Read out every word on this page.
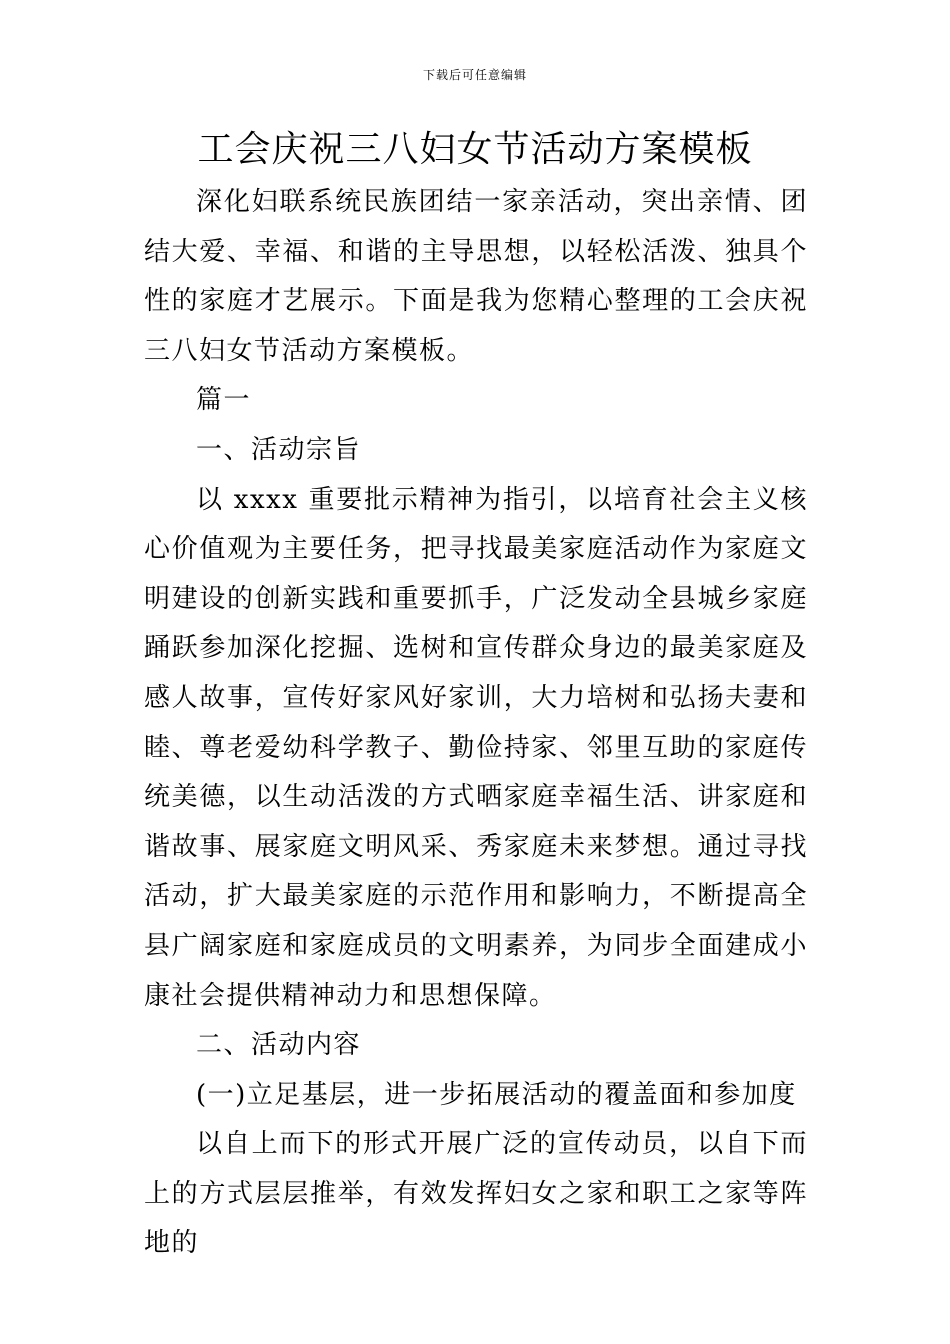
下载后可任意编辑
工会庆祝三八妇女节活动方案模板

深化妇联系统民族团结一家亲活动，突出亲情、团结大爱、幸福、和谐的主导思想，以轻松活泼、独具个性的家庭才艺展示。下面是我为您精心整理的工会庆祝三八妇女节活动方案模板。

篇一

一、活动宗旨

以 xxxx 重要批示精神为指引，以培育社会主义核心价值观为主要任务，把寻找最美家庭活动作为家庭文明建设的创新实践和重要抓手，广泛发动全县城乡家庭踊跃参加深化挖掘、选树和宣传群众身边的最美家庭及感人故事，宣传好家风好家训，大力培树和弘扬夫妻和睦、尊老爱幼科学教子、勤俭持家、邻里互助的家庭传统美德，以生动活泼的方式晒家庭幸福生活、讲家庭和谐故事、展家庭文明风采、秀家庭未来梦想。通过寻找活动，扩大最美家庭的示范作用和影响力，不断提高全县广阔家庭和家庭成员的文明素养，为同步全面建成小康社会提供精神动力和思想保障。

二、活动内容

(一)立足基层，进一步拓展活动的覆盖面和参加度

以自上而下的形式开展广泛的宣传动员，以自下而上的方式层层推举，有效发挥妇女之家和职工之家等阵地的
